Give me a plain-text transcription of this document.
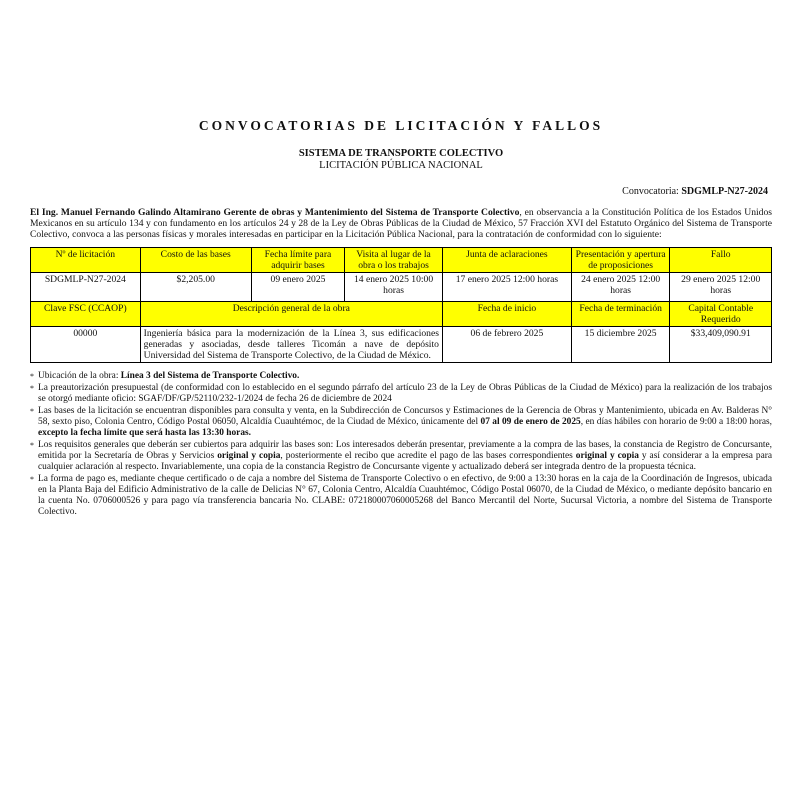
CONVOCATORIAS DE LICITACIÓN Y FALLOS
SISTEMA DE TRANSPORTE COLECTIVO
LICITACIÓN PÚBLICA NACIONAL
Convocatoria: SDGMLP-N27-2024
El Ing. Manuel Fernando Galindo Altamirano Gerente de obras y Mantenimiento del Sistema de Transporte Colectivo, en observancia a la Constitución Política de los Estados Unidos Mexicanos en su artículo 134 y con fundamento en los artículos 24 y 28 de la Ley de Obras Públicas de la Ciudad de México, 57 Fracción XVI del Estatuto Orgánico del Sistema de Transporte Colectivo, convoca a las personas físicas y morales interesadas en participar en la Licitación Pública Nacional, para la contratación de conformidad con lo siguiente:
Nº de licitación	Costo de las bases	Fecha límite para adquirir bases	Visita al lugar de la obra o los trabajos	Junta de aclaraciones	Presentación y apertura de proposiciones	Fallo
SDGMLP-N27-2024	$2,205.00	09 enero 2025	14 enero 2025 10:00 horas	17 enero 2025 12:00 horas	24 enero 2025 12:00 horas	29 enero 2025 12:00 horas
Clave FSC (CCAOP)	Descripción general de la obra			Fecha de inicio	Fecha de terminación	Capital Contable Requerido
00000	Ingeniería básica para la modernización de la Línea 3, sus edificaciones generadas y asociadas, desde talleres Ticomán a nave de depósito Universidad del Sistema de Transporte Colectivo, de la Ciudad de México.			06 de febrero 2025	15 diciembre 2025	$33,409,090.91
* Ubicación de la obra: Línea 3 del Sistema de Transporte Colectivo.
* La preautorización presupuestal (de conformidad con lo establecido en el segundo párrafo del artículo 23 de la Ley de Obras Públicas de la Ciudad de México) para la realización de los trabajos se otorgó mediante oficio: SGAF/DF/GP/52110/232-1/2024 de fecha 26 de diciembre de 2024
* Las bases de la licitación se encuentran disponibles para consulta y venta, en la Subdirección de Concursos y Estimaciones de la Gerencia de Obras y Mantenimiento, ubicada en Av. Balderas N° 58, sexto piso, Colonia Centro, Código Postal 06050, Alcaldía Cuauhtémoc, de la Ciudad de México, únicamente del 07 al 09 de enero de 2025, en días hábiles con horario de 9:00 a 18:00 horas, excepto la fecha límite que será hasta las 13:30 horas.
* Los requisitos generales que deberán ser cubiertos para adquirir las bases son: Los interesados deberán presentar, previamente a la compra de las bases, la constancia de Registro de Concursante, emitida por la Secretaría de Obras y Servicios original y copia, posteriormente el recibo que acredite el pago de las bases correspondientes original y copia y así considerar a la empresa para cualquier aclaración al respecto. Invariablemente, una copia de la constancia Registro de Concursante vigente y actualizado deberá ser integrada dentro de la propuesta técnica.
* La forma de pago es, mediante cheque certificado o de caja a nombre del Sistema de Transporte Colectivo o en efectivo, de 9:00 a 13:30 horas en la caja de la Coordinación de Ingresos, ubicada en la Planta Baja del Edificio Administrativo de la calle de Delicias N° 67, Colonia Centro, Alcaldía Cuauhtémoc, Código Postal 06070, de la Ciudad de México, o mediante depósito bancario en la cuenta No. 0706000526 y para pago vía transferencia bancaria No. CLABE: 072180007060005268 del Banco Mercantil del Norte, Sucursal Victoria, a nombre del Sistema de Transporte Colectivo.
